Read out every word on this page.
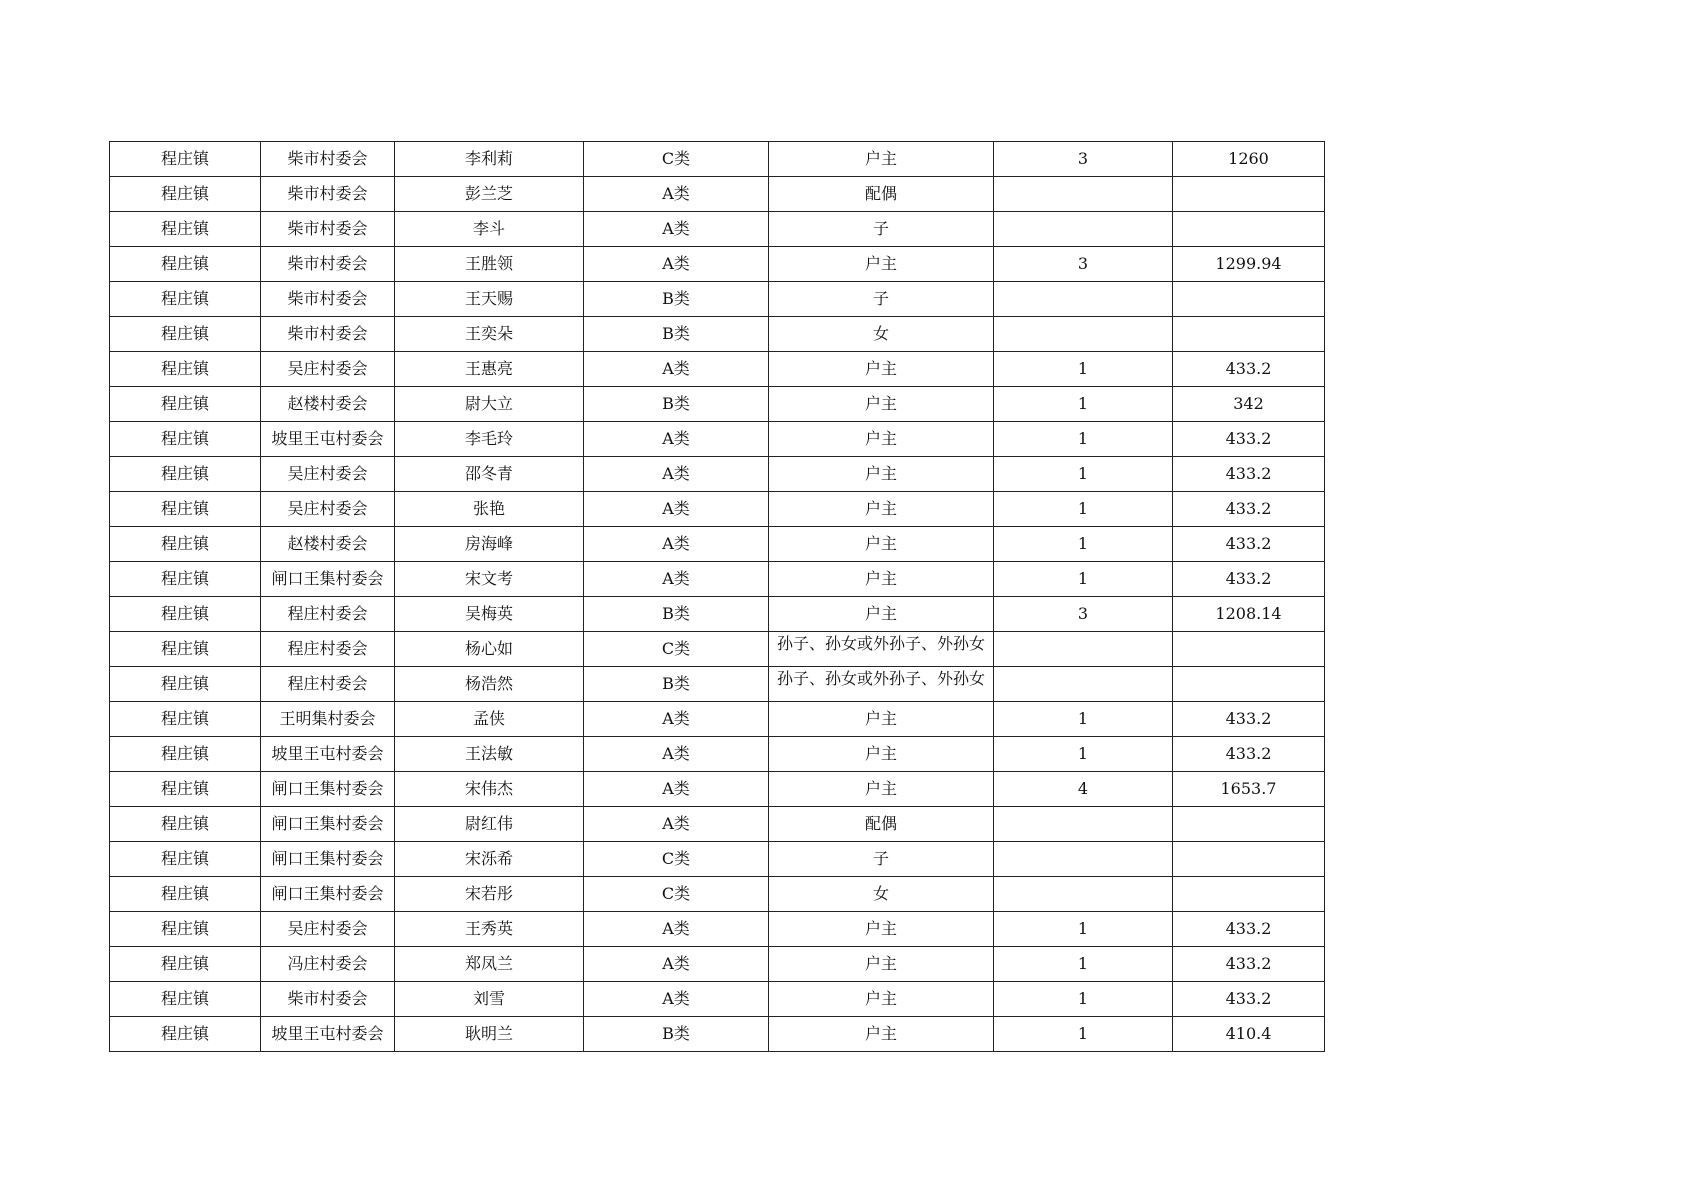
程庄镇	柴市村委会	李利莉	C类	户主	3	1260
程庄镇	柴市村委会	彭兰芝	A类	配偶		
程庄镇	柴市村委会	李斗	A类	子		
程庄镇	柴市村委会	王胜领	A类	户主	3	1299.94
程庄镇	柴市村委会	王天赐	B类	子		
程庄镇	柴市村委会	王奕朵	B类	女		
程庄镇	吴庄村委会	王惠亮	A类	户主	1	433.2
程庄镇	赵楼村委会	尉大立	B类	户主	1	342
程庄镇	坡里王屯村委会	李毛玲	A类	户主	1	433.2
程庄镇	吴庄村委会	邵冬青	A类	户主	1	433.2
程庄镇	吴庄村委会	张艳	A类	户主	1	433.2
程庄镇	赵楼村委会	房海峰	A类	户主	1	433.2
程庄镇	闸口王集村委会	宋文考	A类	户主	1	433.2
程庄镇	程庄村委会	吴梅英	B类	户主	3	1208.14
程庄镇	程庄村委会	杨心如	C类	孙子、孙女或外孙子、外孙女		

程庄镇	程庄村委会	杨浩然	B类	孙子、孙女或外孙子、外孙女		

程庄镇	王明集村委会	孟侠	A类	户主	1	433.2
程庄镇	坡里王屯村委会	王法敏	A类	户主	1	433.2
程庄镇	闸口王集村委会	宋伟杰	A类	户主	4	1653.7
程庄镇	闸口王集村委会	尉红伟	A类	配偶		
程庄镇	闸口王集村委会	宋泺希	C类	子		
程庄镇	闸口王集村委会	宋若彤	C类	女		
程庄镇	吴庄村委会	王秀英	A类	户主	1	433.2
程庄镇	冯庄村委会	郑凤兰	A类	户主	1	433.2
程庄镇	柴市村委会	刘雪	A类	户主	1	433.2
程庄镇	坡里王屯村委会	耿明兰	B类	户主	1	410.4
